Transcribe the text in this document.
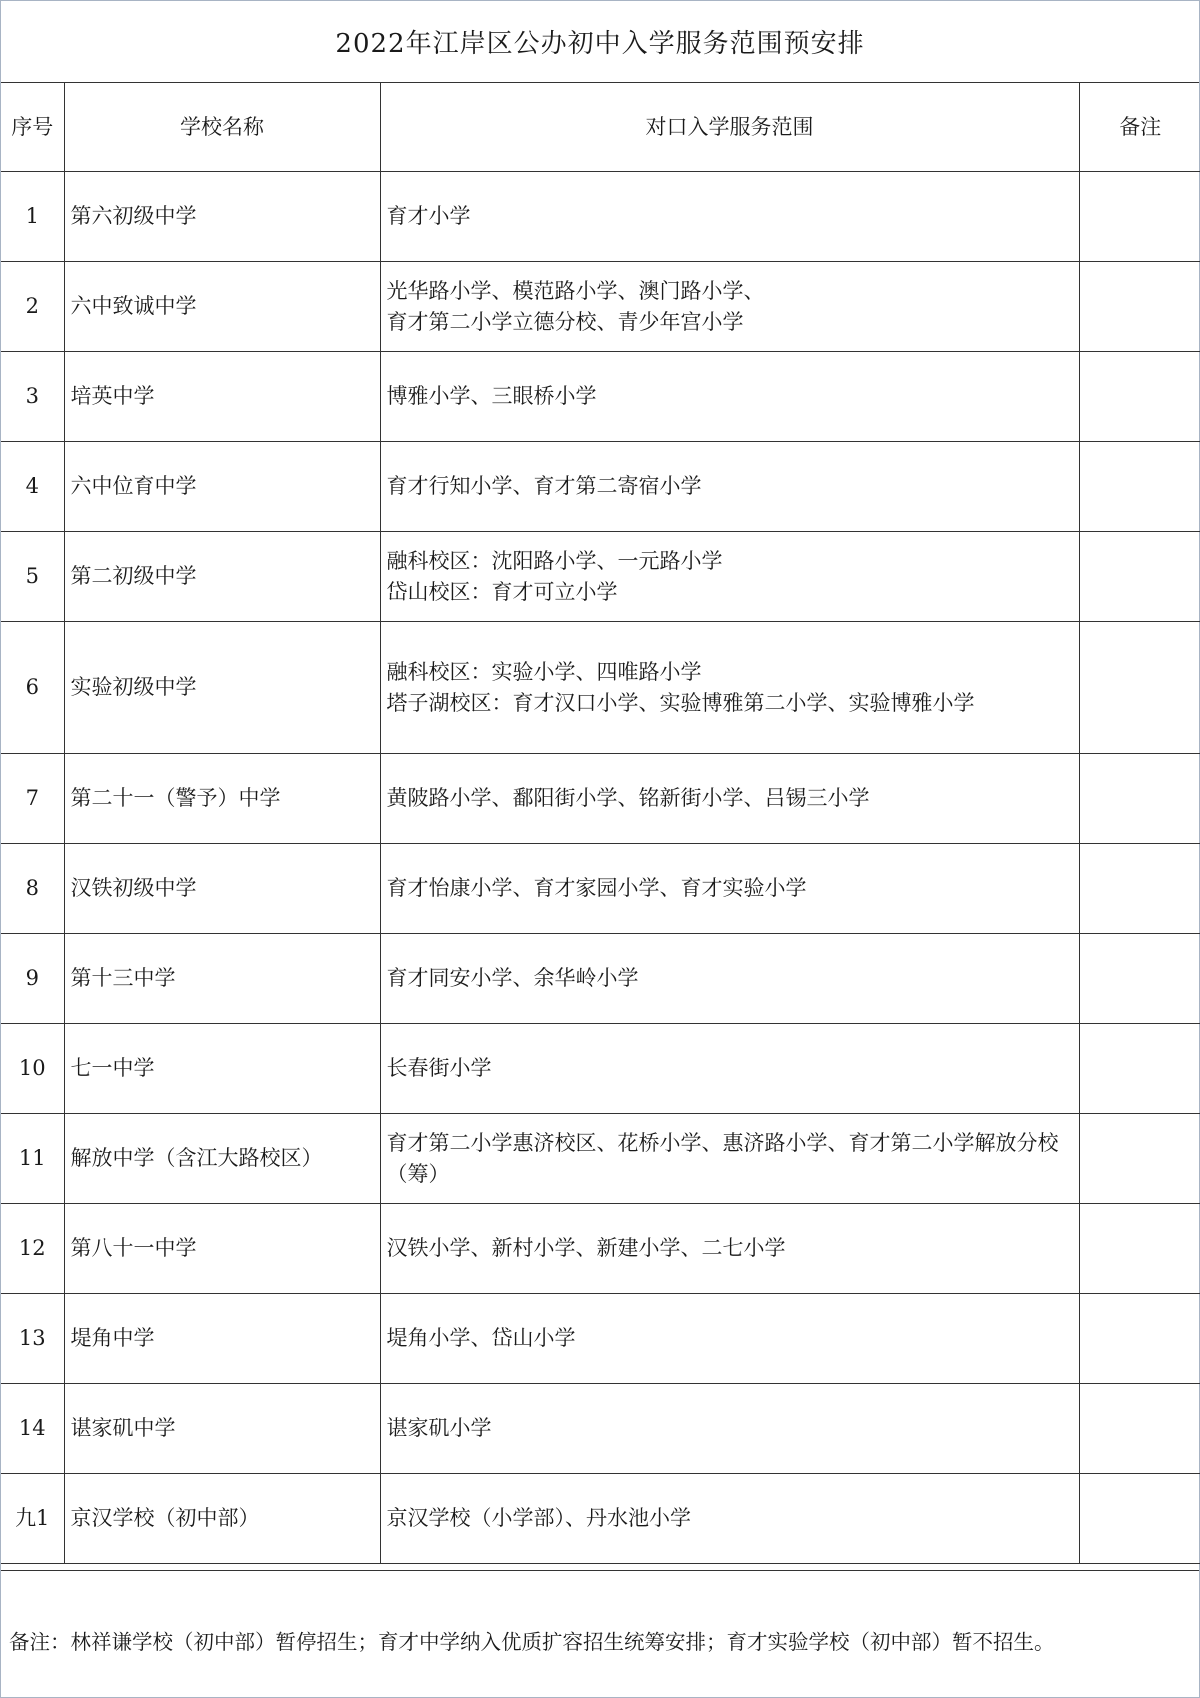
2022年江岸区公办初中入学服务范围预安排
序号	学校名称	对口入学服务范围	备注
1	第六初级中学	育才小学	

2	六中致诚中学	光华路小学、模范路小学、澳门路小学、
育才第二小学立德分校、青少年宫小学	

3	培英中学	博雅小学、三眼桥小学	

4	六中位育中学	育才行知小学、育才第二寄宿小学	

5	第二初级中学	融科校区：沈阳路小学、一元路小学
岱山校区：育才可立小学	

6	实验初级中学	融科校区：实验小学、四唯路小学
塔子湖校区：育才汉口小学、实验博雅第二小学、实验博雅小学	

7	第二十一（警予）中学	黄陂路小学、鄱阳街小学、铭新街小学、吕锡三小学	

8	汉铁初级中学	育才怡康小学、育才家园小学、育才实验小学	

9	第十三中学	育才同安小学、余华岭小学	

10	七一中学	长春街小学	

11	解放中学（含江大路校区）	育才第二小学惠济校区、花桥小学、惠济路小学、育才第二小学解放分校（筹）	

12	第八十一中学	汉铁小学、新村小学、新建小学、二七小学	

13	堤角中学	堤角小学、岱山小学	

14	谌家矶中学	谌家矶小学	

九1	京汉学校（初中部）	京汉学校（小学部）、丹水池小学	

备注：林祥谦学校（初中部）暂停招生；育才中学纳入优质扩容招生统筹安排；育才实验学校（初中部）暂不招生。
